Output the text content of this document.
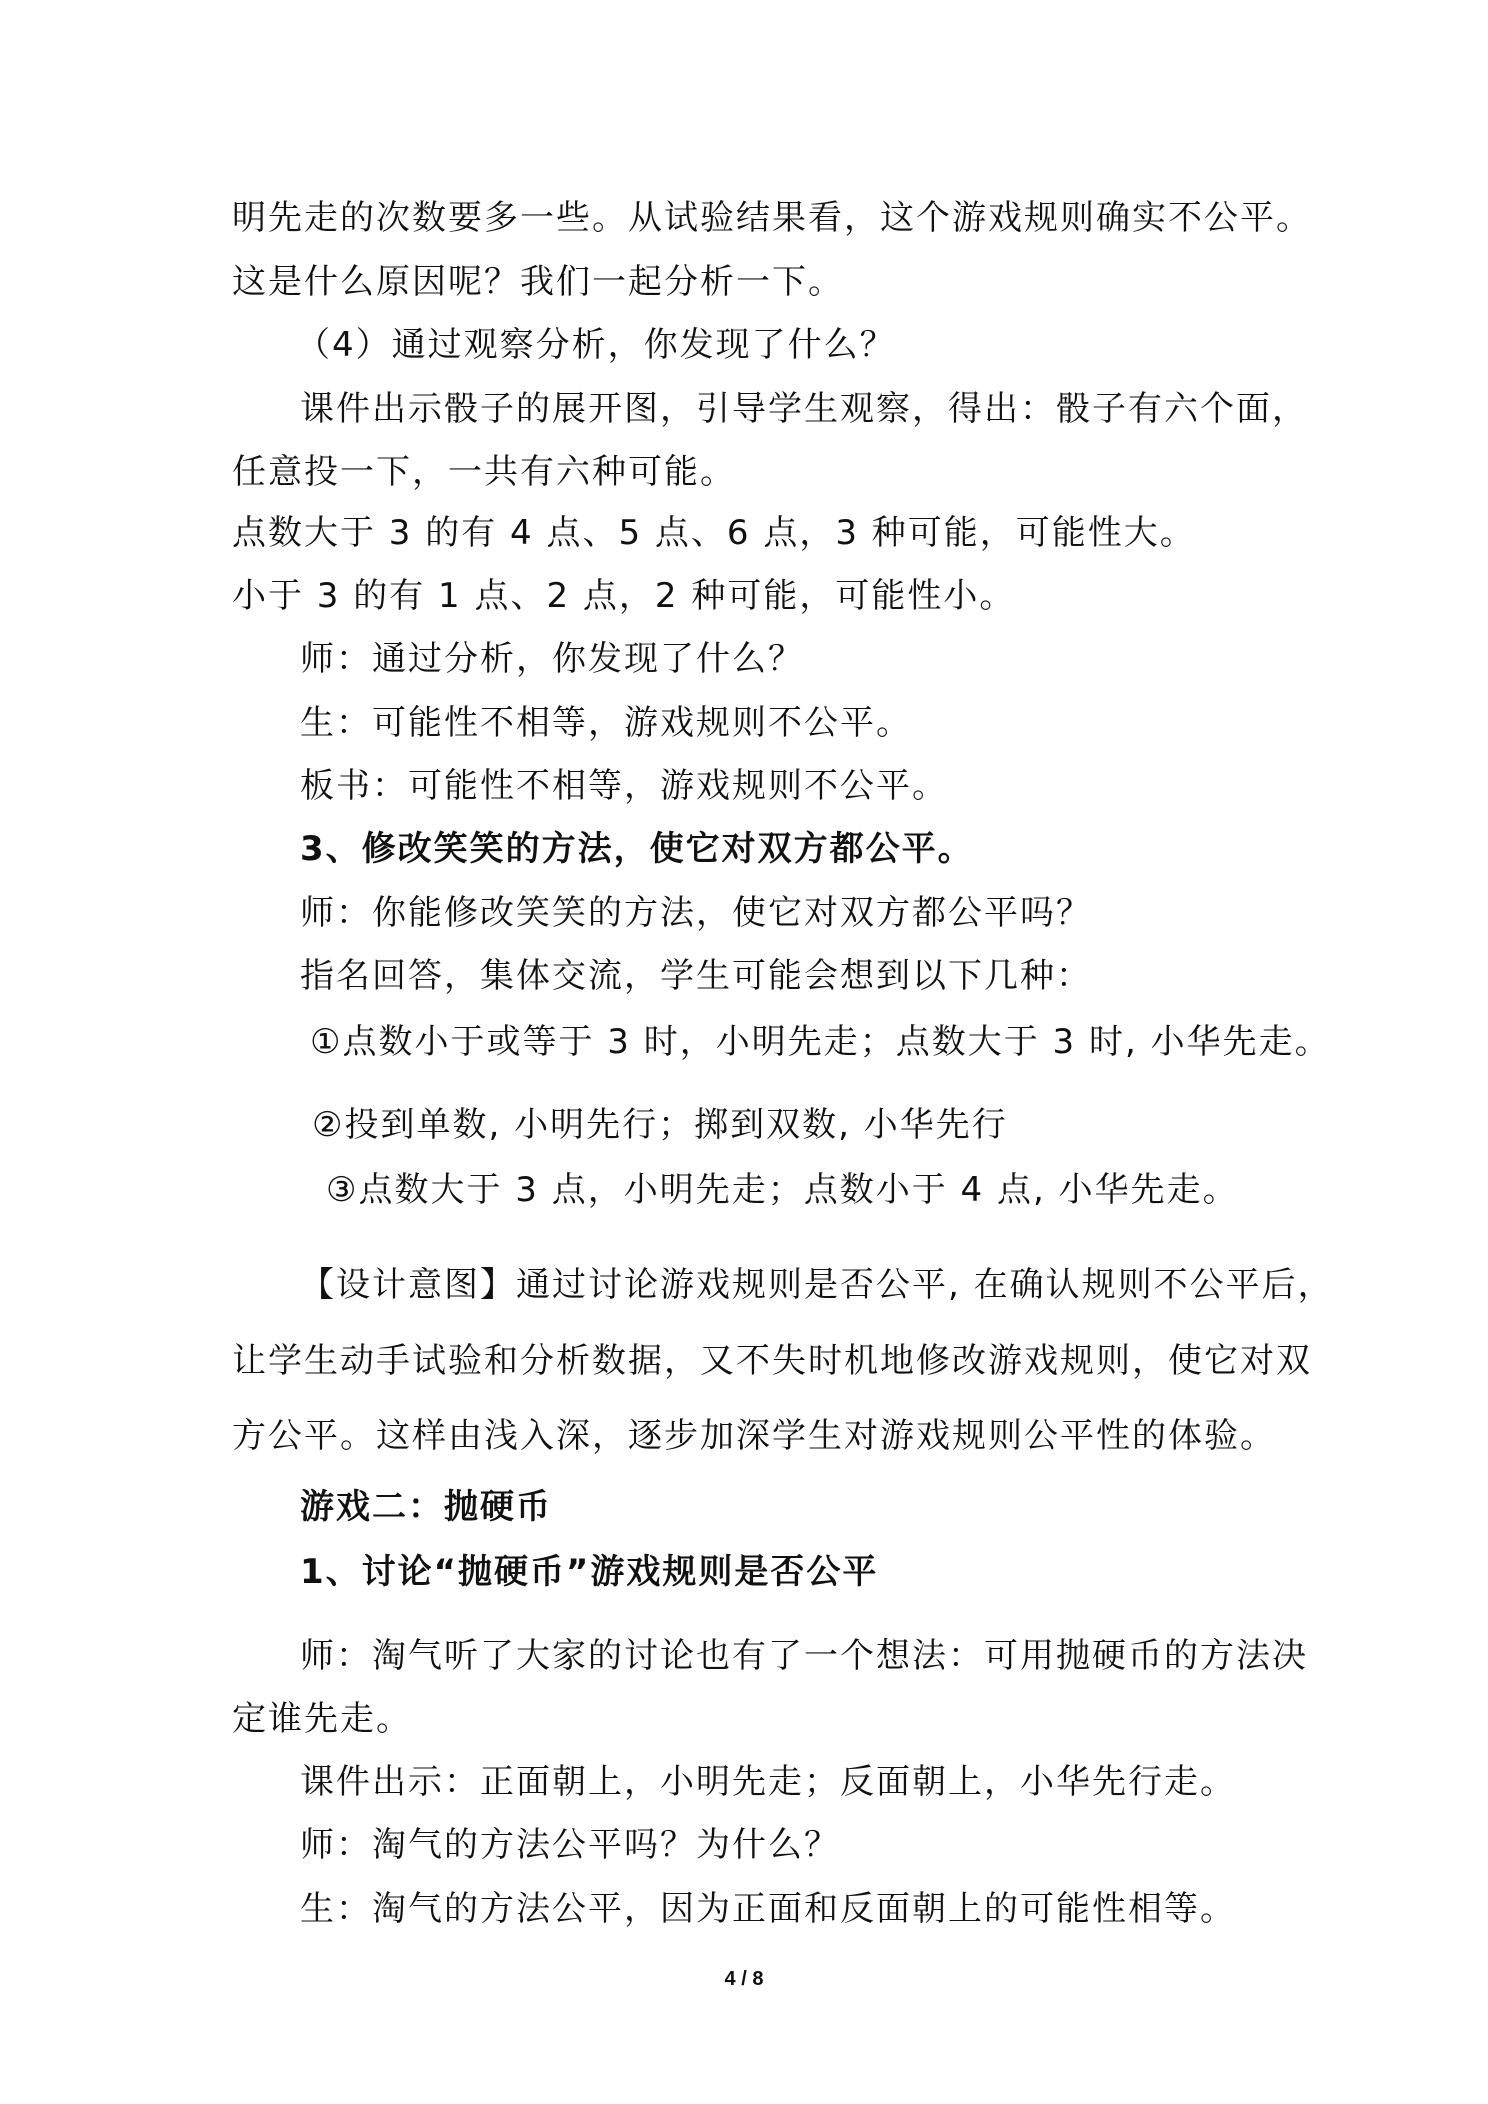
明先走的次数要多一些。从试验结果看，这个游戏规则确实不公平。
这是什么原因呢？我们一起分析一下。
（4）通过观察分析，你发现了什么？
课件出示骰子的展开图，引导学生观察，得出：骰子有六个面，
任意投一下，一共有六种可能。
点数大于 3 的有 4 点、5 点、6 点，3 种可能，可能性大。
小于 3 的有 1 点、2 点，2 种可能，可能性小。
师：通过分析，你发现了什么？
生：可能性不相等，游戏规则不公平。
板书：可能性不相等，游戏规则不公平。
3、修改笑笑的方法，使它对双方都公平。
师：你能修改笑笑的方法，使它对双方都公平吗？
指名回答，集体交流，学生可能会想到以下几种：
①点数小于或等于 3 时，小明先走；点数大于 3 时, 小华先走。
②投到单数, 小明先行；掷到双数, 小华先行
③点数大于 3 点，小明先走；点数小于 4 点, 小华先走。
【设计意图】通过讨论游戏规则是否公平, 在确认规则不公平后，
让学生动手试验和分析数据，又不失时机地修改游戏规则，使它对双
方公平。这样由浅入深，逐步加深学生对游戏规则公平性的体验。
游戏二：抛硬币
1、讨论“抛硬币”游戏规则是否公平
师：淘气听了大家的讨论也有了一个想法：可用抛硬币的方法决
定谁先走。
课件出示：正面朝上，小明先走；反面朝上，小华先行走。
师：淘气的方法公平吗？为什么？
生：淘气的方法公平，因为正面和反面朝上的可能性相等。
4 / 8
